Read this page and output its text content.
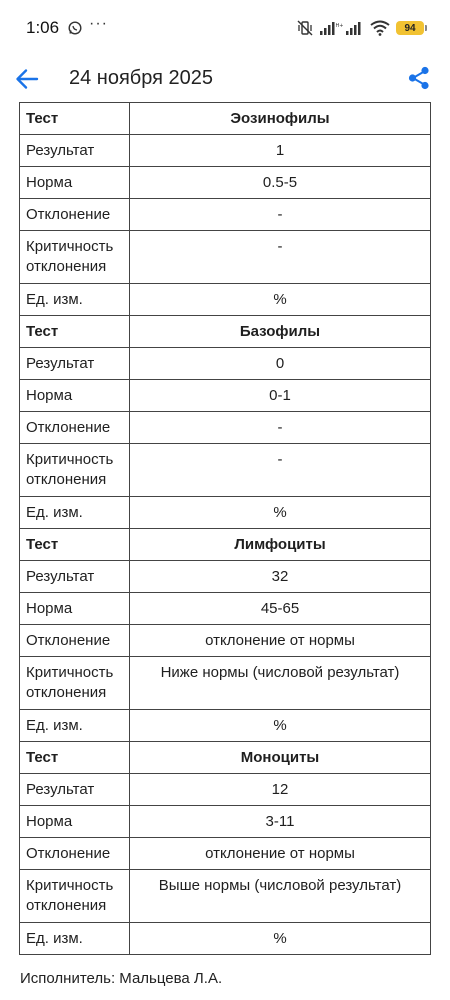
1:06 ···	H+	94
24 ноября 2025
Тест	Эозинофилы
Результат	1
Норма	0.5-5
Отклонение	-
Критичность отклонения	-
Ед. изм.	%
Тест	Базофилы
Результат	0
Норма	0-1
Отклонение	-
Критичность отклонения	-
Ед. изм.	%
Тест	Лимфоциты
Результат	32
Норма	45-65
Отклонение	отклонение от нормы
Критичность отклонения	Ниже нормы (числовой результат)
Ед. изм.	%
Тест	Моноциты
Результат	12
Норма	3-11
Отклонение	отклонение от нормы
Критичность отклонения	Выше нормы (числовой результат)
Ед. изм.	%
Исполнитель: Мальцева Л.А.
